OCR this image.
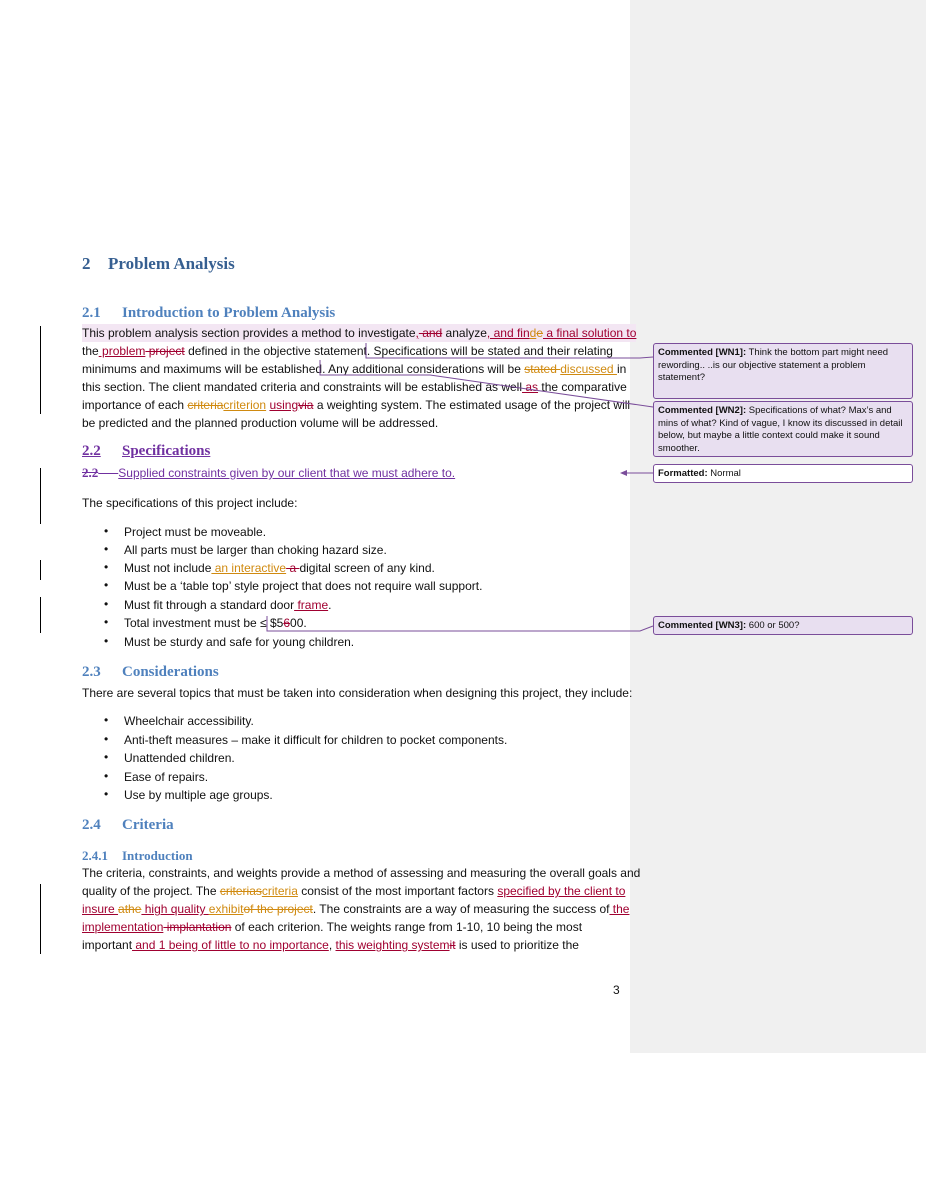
2 Problem Analysis
2.1 Introduction to Problem Analysis
This problem analysis section provides a method to investigate, and analyze, and finde a final solution to
the problem project defined in the objective statement. Specifications will be stated and their relating
minimums and maximums will be established. Any additional considerations will be stated discussed in
this section. The client mandated criteria and constraints will be established as well as the comparative
importance of each criteriacriterion usingvia a weighting system. The estimated usage of the project will
be predicted and the planned production volume will be addressed.
2.2 Specifications
2.2 Supplied constraints given by our client that we must adhere to.
The specifications of this project include:
• Project must be moveable.
• All parts must be larger than choking hazard size.
• Must not include an interactive a digital screen of any kind.
• Must be a ‘table top’ style project that does not require wall support.
• Must fit through a standard door frame.
• Total investment must be ≤ $5600.
• Must be sturdy and safe for young children.
2.3 Considerations
There are several topics that must be taken into consideration when designing this project, they include:
• Wheelchair accessibility.
• Anti-theft measures – make it difficult for children to pocket components.
• Unattended children.
• Ease of repairs.
• Use by multiple age groups.
2.4 Criteria
2.4.1 Introduction
The criteria, constraints, and weights provide a method of assessing and measuring the overall goals and
quality of the project. The criteriascriteria consist of the most important factors specified by the client to
insure athe high quality exhibitof the project. The constraints are a way of measuring the success of the
implementation implantation of each criterion. The weights range from 1-10, 10 being the most
important and 1 being of little to no importance, this weighting systemit is used to prioritize the
3
Commented [WN1]: Think the bottom part might need
rewording.. ..is our objective statement a problem
statement?
Commented [WN2]: Specifications of what? Max’s and
mins of what? Kind of vague, I know its discussed in detail
below, but maybe a little context could make it sound
smoother.
Formatted: Normal
Commented [WN3]: 600 or 500?
